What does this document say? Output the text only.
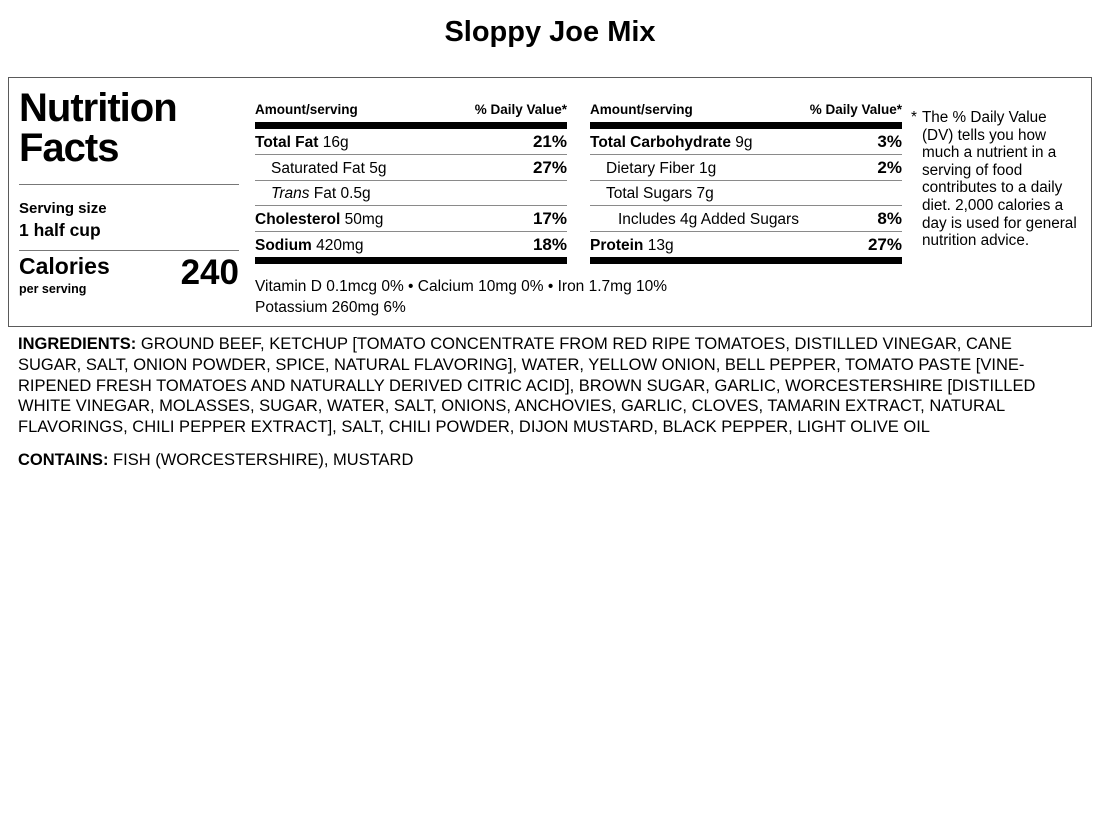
Sloppy Joe Mix
Nutrition
Facts
Serving size
1 half cup
Calories
per serving	240
Amount/serving	% Daily Value*
Total Fat 16g	21%
Saturated Fat 5g	27%
Trans Fat 0.5g
Cholesterol 50mg	17%
Sodium 420mg	18%
Amount/serving	% Daily Value*
Total Carbohydrate 9g	3%
Dietary Fiber 1g	2%
Total Sugars 7g
Includes 4g Added Sugars	8%
Protein 13g	27%
Vitamin D 0.1mcg 0% • Calcium 10mg 0% • Iron 1.7mg 10%
Potassium 260mg 6%
* The % Daily Value (DV) tells you how much a nutrient in a serving of food contributes to a daily diet. 2,000 calories a day is used for general nutrition advice.
INGREDIENTS: GROUND BEEF, KETCHUP [TOMATO CONCENTRATE FROM RED RIPE TOMATOES, DISTILLED VINEGAR, CANE SUGAR, SALT, ONION POWDER, SPICE, NATURAL FLAVORING], WATER, YELLOW ONION, BELL PEPPER, TOMATO PASTE [VINE-RIPENED FRESH TOMATOES AND NATURALLY DERIVED CITRIC ACID], BROWN SUGAR, GARLIC, WORCESTERSHIRE [DISTILLED WHITE VINEGAR, MOLASSES, SUGAR, WATER, SALT, ONIONS, ANCHOVIES, GARLIC, CLOVES, TAMARIN EXTRACT, NATURAL FLAVORINGS, CHILI PEPPER EXTRACT], SALT, CHILI POWDER, DIJON MUSTARD, BLACK PEPPER, LIGHT OLIVE OIL
CONTAINS: FISH (WORCESTERSHIRE), MUSTARD
